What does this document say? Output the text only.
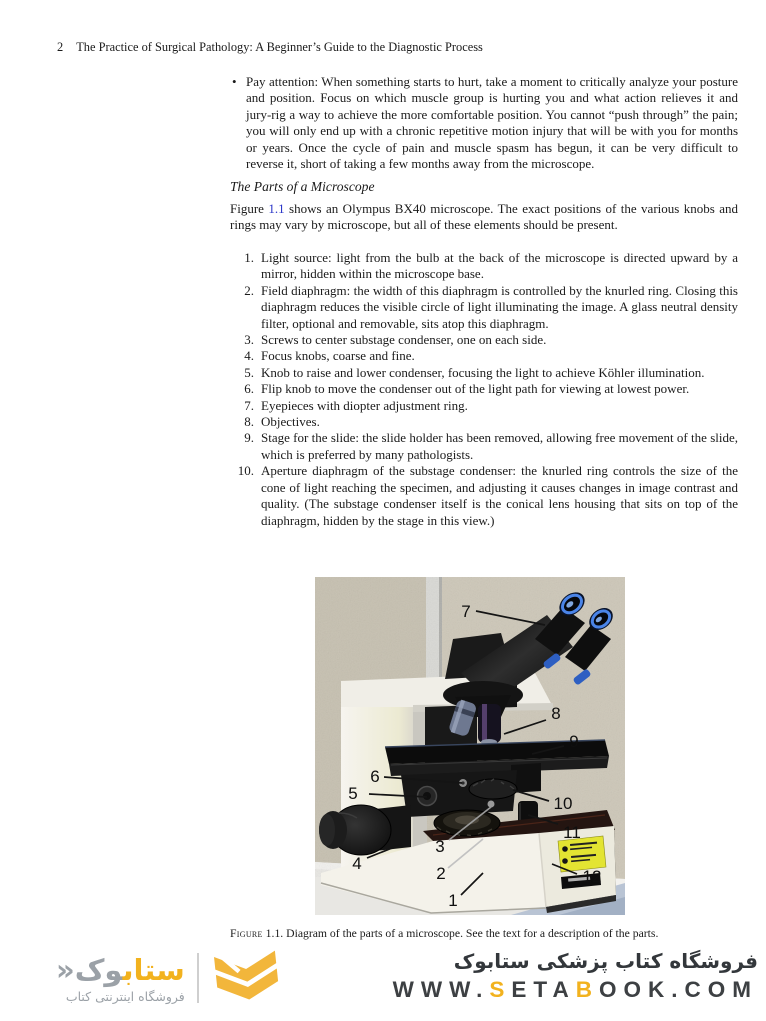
2 The Practice of Surgical Pathology: A Beginner’s Guide to the Diagnostic Process
• Pay attention: When something starts to hurt, take a moment to critically analyze your posture and position. Focus on which muscle group is hurting you and what action relieves it and jury-rig a way to achieve the more comfortable position. You cannot “push through” the pain; you will only end up with a chronic repetitive motion injury that will be with you for months or years. Once the cycle of pain and muscle spasm has begun, it can be very difficult to reverse it, short of taking a few months away from the microscope.
The Parts of a Microscope
Figure 1.1 shows an Olympus BX40 microscope. The exact positions of the various knobs and rings may vary by microscope, but all of these elements should be present.
1. Light source: light from the bulb at the back of the microscope is directed upward by a mirror, hidden within the microscope base.
2. Field diaphragm: the width of this diaphragm is controlled by the knurled ring. Closing this diaphragm reduces the visible circle of light illuminating the image. A glass neutral density filter, optional and removable, sits atop this diaphragm.
3. Screws to center substage condenser, one on each side.
4. Focus knobs, coarse and fine.
5. Knob to raise and lower condenser, focusing the light to achieve Köhler illumination.
6. Flip knob to move the condenser out of the light path for viewing at lowest power.
7. Eyepieces with diopter adjustment ring.
8. Objectives.
9. Stage for the slide: the slide holder has been removed, allowing free movement of the slide, which is preferred by many pathologists.
10. Aperture diaphragm of the substage condenser: the knurled ring controls the size of the cone of light reaching the specimen, and adjusting it causes changes in image contrast and quality. (The substage condenser itself is the conical lens housing that sits on top of the diaphragm, hidden by the stage in this view.)
1
2
3
4
5
6
7
8
9
10
11
12
Figure 1.1. Diagram of the parts of a microscope. See the text for a description of the parts.
ستابوک«
فروشگاه اینترنتی کتاب
فروشگاه کتاب پزشکی ستابوک
WWW.SETABOOK.COM
